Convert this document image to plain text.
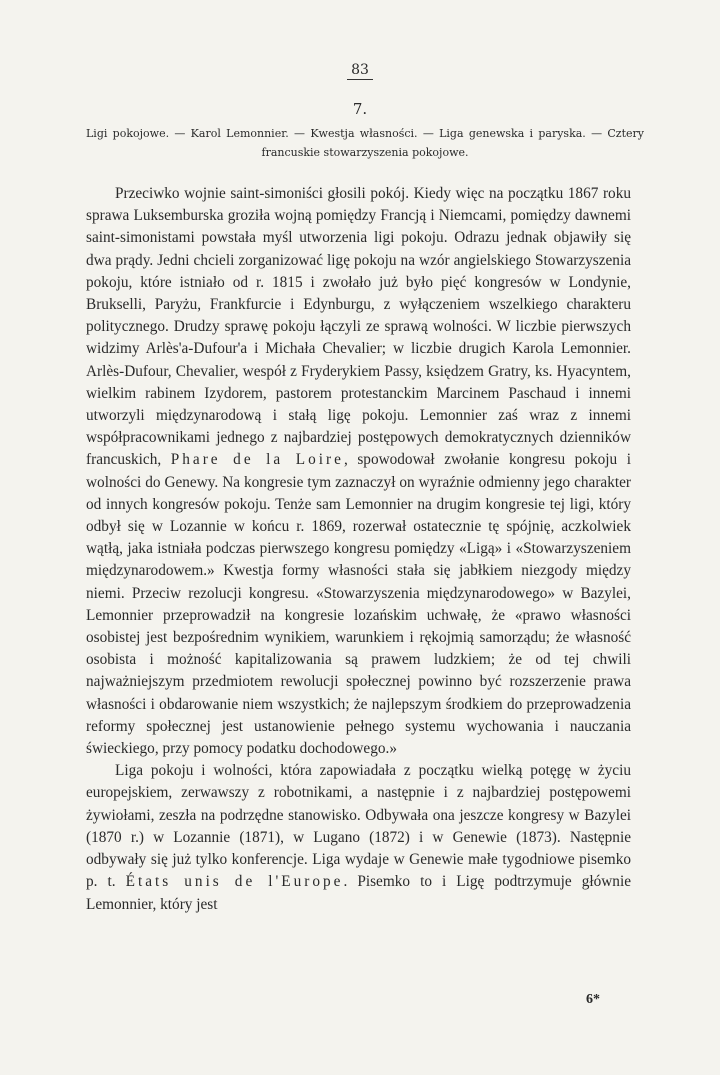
83
7.
Ligi pokojowe. — Karol Lemonnier. — Kwestja własności. — Liga genewska i paryska. — Cztery francuskie stowarzyszenia pokojowe.

Przeciwko wojnie saint-simoniści głosili pokój. Kiedy więc na początku 1867 roku sprawa Luksemburska groziła wojną pomiędzy Francją i Niemcami, pomiędzy dawnemi saint-simonistami powstała myśl utworzenia ligi pokoju. Odrazu jednak objawiły się dwa prądy. Jedni chcieli zorganizować ligę pokoju na wzór angielskiego Stowarzyszenia pokoju, które istniało od r. 1815 i zwołało już było pięć kongresów w Londynie, Brukselli, Paryżu, Frankfurcie i Edynburgu, z wyłączeniem wszelkiego charakteru politycznego. Drudzy sprawę pokoju łączyli ze sprawą wolności. W liczbie pierwszych widzimy Arlès'a-Dufour'a i Michała Chevalier; w liczbie drugich Karola Lemonnier. Arlès-Dufour, Chevalier, wespół z Fryderykiem Passy, księdzem Gratry, ks. Hyacyntem, wielkim rabinem Izydorem, pastorem protestanckim Marcinem Paschaud i innemi utworzyli międzynarodową i stałą ligę pokoju. Lemonnier zaś wraz z innemi współpracownikami jednego z najbardziej postępowych demokratycznych dzienników francuskich, Phare de la Loire, spowodował zwołanie kongresu pokoju i wolności do Genewy. Na kongresie tym zaznaczył on wyraźnie odmienny jego charakter od innych kongresów pokoju. Tenże sam Lemonnier na drugim kongresie tej ligi, który odbył się w Lozannie w końcu r. 1869, rozerwał ostatecznie tę spójnię, aczkolwiek wątłą, jaka istniała podczas pierwszego kongresu pomiędzy «Ligą» i «Stowarzyszeniem międzynarodowem.» Kwestja formy własności stała się jabłkiem niezgody między niemi. Przeciw rezolucji kongresu. «Stowarzyszenia międzynarodowego» w Bazylei, Lemonnier przeprowadził na kongresie lozańskim uchwałę, że «prawo własności osobistej jest bezpośrednim wynikiem, warunkiem i rękojmią samorządu; że własność osobista i możność kapitalizowania są prawem ludzkiem; że od tej chwili najważniejszym przedmiotem rewolucji społecznej powinno być rozszerzenie prawa własności i obdarowanie niem wszystkich; że najlepszym środkiem do przeprowadzenia reformy społecznej jest ustanowienie pełnego systemu wychowania i nauczania świeckiego, przy pomocy podatku dochodowego.»

Liga pokoju i wolności, która zapowiadała z początku wielką potęgę w życiu europejskiem, zerwawszy z robotnikami, a następnie i z najbardziej postępowemi żywiołami, zeszła na podrzędne stanowisko. Odbywała ona jeszcze kongresy w Bazylei (1870 r.) w Lozannie (1871), w Lugano (1872) i w Genewie (1873). Następnie odbywały się już tylko konferencje. Liga wydaje w Genewie małe tygodniowe pisemko p. t. États unis de l'Europe. Pisemko to i Ligę podtrzymuje głównie Lemonnier, który jest

6*
